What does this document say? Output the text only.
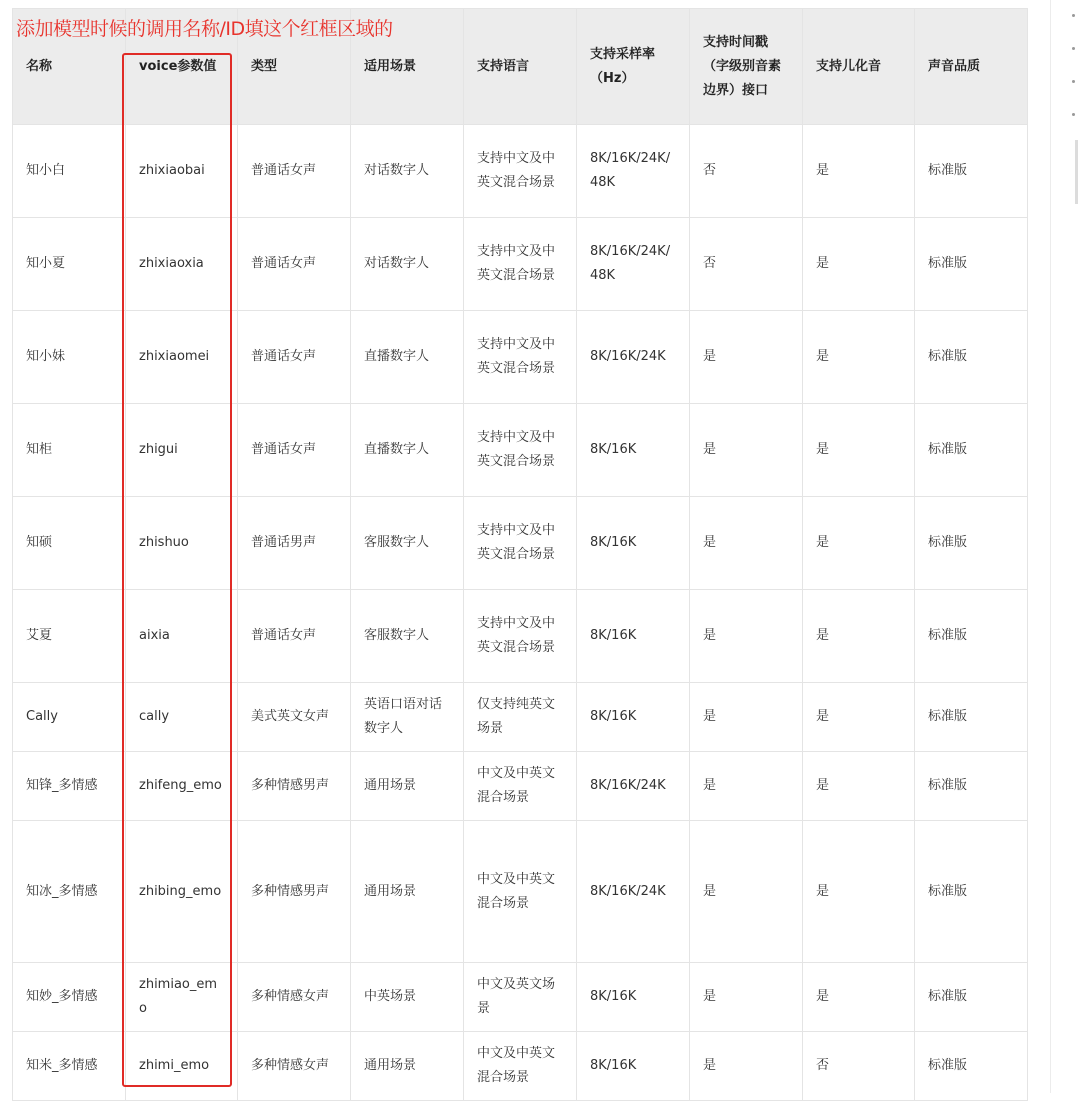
名称	voice参数值	类型	适用场景	支持语言	支持采样率（Hz）	支持时间戳（字级别音素边界）接口	支持儿化音	声音品质
知小白	zhixiaobai	普通话女声	对话数字人	支持中文及中英文混合场景	8K/16K/24K/48K	否	是	标准版
知小夏	zhixiaoxia	普通话女声	对话数字人	支持中文及中英文混合场景	8K/16K/24K/48K	否	是	标准版
知小妹	zhixiaomei	普通话女声	直播数字人	支持中文及中英文混合场景	8K/16K/24K	是	是	标准版
知柜	zhigui	普通话女声	直播数字人	支持中文及中英文混合场景	8K/16K	是	是	标准版
知硕	zhishuo	普通话男声	客服数字人	支持中文及中英文混合场景	8K/16K	是	是	标准版
艾夏	aixia	普通话女声	客服数字人	支持中文及中英文混合场景	8K/16K	是	是	标准版
Cally	cally	美式英文女声	英语口语对话数字人	仅支持纯英文场景	8K/16K	是	是	标准版
知锋_多情感	zhifeng_emo	多种情感男声	通用场景	中文及中英文混合场景	8K/16K/24K	是	是	标准版
知冰_多情感	zhibing_emo	多种情感男声	通用场景	中文及中英文混合场景	8K/16K/24K	是	是	标准版
知妙_多情感	zhimiao_emo	多种情感女声	中英场景	中文及英文场景	8K/16K	是	是	标准版
知米_多情感	zhimi_emo	多种情感女声	通用场景	中文及中英文混合场景	8K/16K	是	否	标准版
添加模型时候的调用名称/ID填这个红框区域的
